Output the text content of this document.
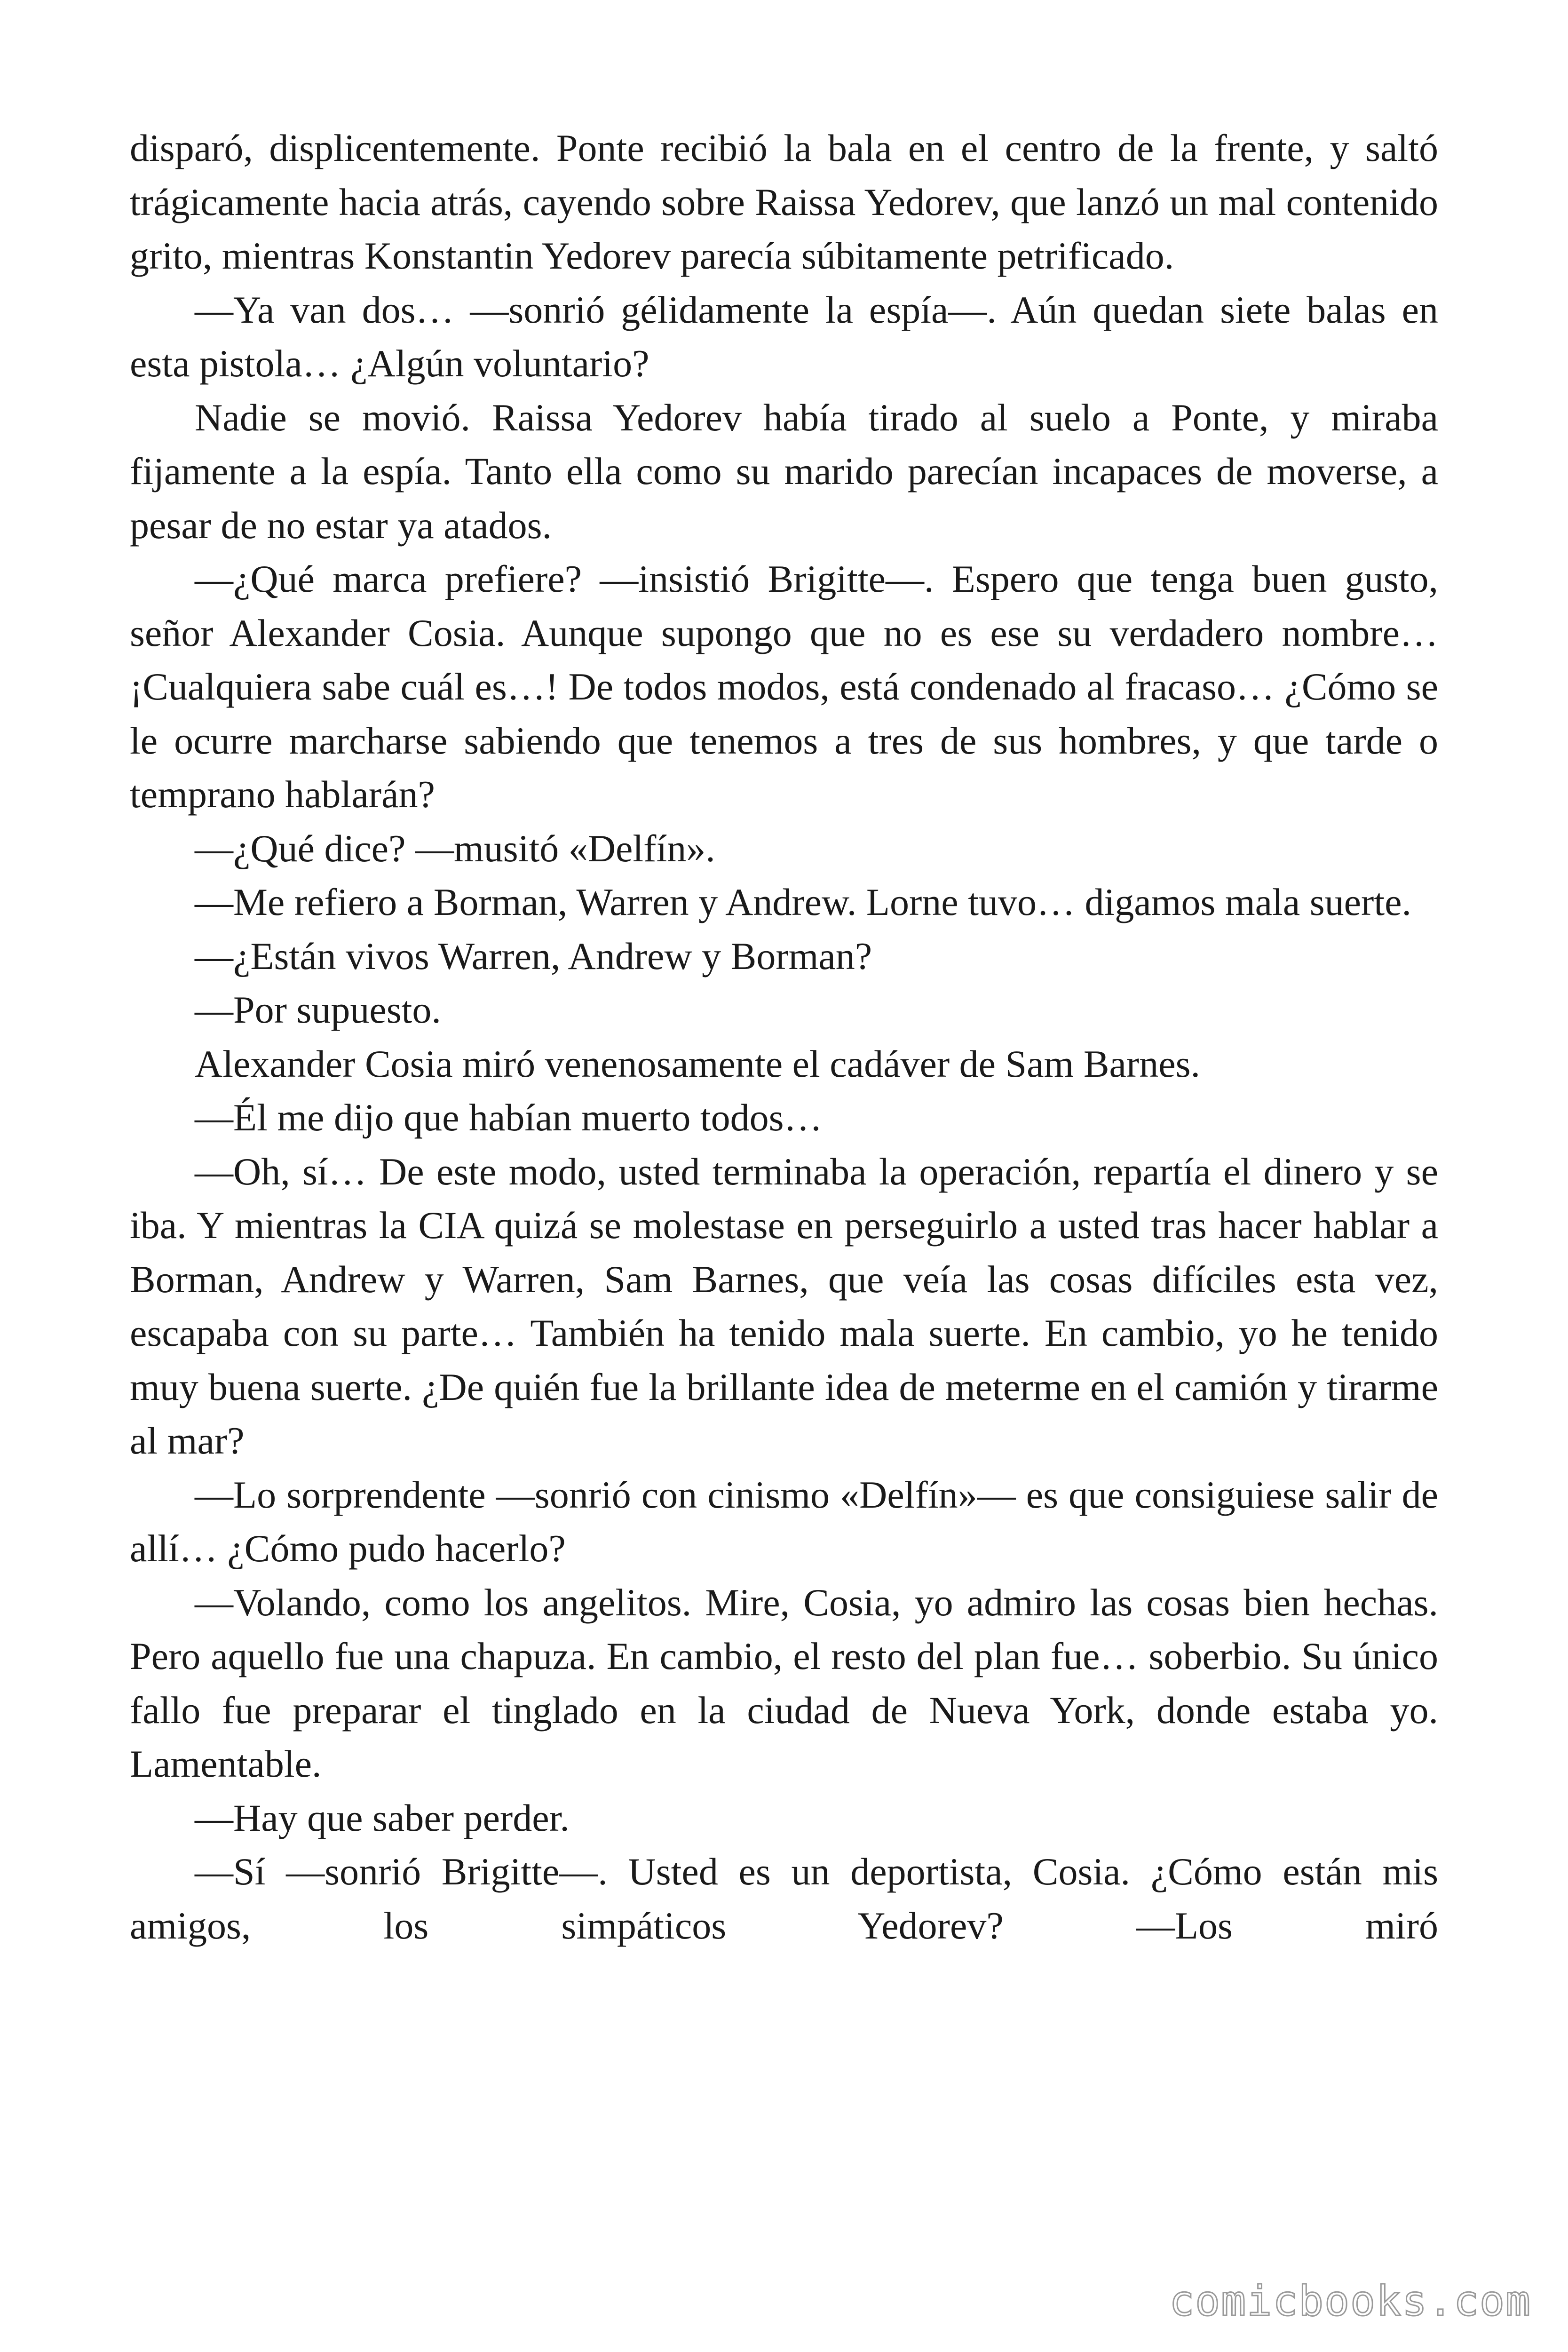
disparó, displicentemente. Ponte recibió la bala en el centro de la frente, y saltó trágicamente hacia atrás, cayendo sobre Raissa Yedorev, que lanzó un mal contenido grito, mientras Konstantin Yedorev parecía súbitamente petrificado.

—Ya van dos… —sonrió gélidamente la espía—. Aún quedan siete balas en esta pistola… ¿Algún voluntario?

Nadie se movió. Raissa Yedorev había tirado al suelo a Ponte, y miraba fijamente a la espía. Tanto ella como su marido parecían incapaces de moverse, a pesar de no estar ya atados.

—¿Qué marca prefiere? —insistió Brigitte—. Espero que tenga buen gusto, señor Alexander Cosia. Aunque supongo que no es ese su verdadero nombre… ¡Cualquiera sabe cuál es…! De todos modos, está condenado al fracaso… ¿Cómo se le ocurre marcharse sabiendo que tenemos a tres de sus hombres, y que tarde o temprano hablarán?

—¿Qué dice? —musitó «Delfín».

—Me refiero a Borman, Warren y Andrew. Lorne tuvo… digamos mala suerte.

—¿Están vivos Warren, Andrew y Borman?

—Por supuesto.

Alexander Cosia miró venenosamente el cadáver de Sam Barnes.

—Él me dijo que habían muerto todos…

—Oh, sí… De este modo, usted terminaba la operación, repartía el dinero y se iba. Y mientras la CIA quizá se molestase en perseguirlo a usted tras hacer hablar a Borman, Andrew y Warren, Sam Barnes, que veía las cosas difíciles esta vez, escapaba con su parte… También ha tenido mala suerte. En cambio, yo he tenido muy buena suerte. ¿De quién fue la brillante idea de meterme en el camión y tirarme al mar?

—Lo sorprendente —sonrió con cinismo «Delfín»— es que consiguiese salir de allí… ¿Cómo pudo hacerlo?

—Volando, como los angelitos. Mire, Cosia, yo admiro las cosas bien hechas. Pero aquello fue una chapuza. En cambio, el resto del plan fue… soberbio. Su único fallo fue preparar el tinglado en la ciudad de Nueva York, donde estaba yo. Lamentable.

—Hay que saber perder.

—Sí —sonrió Brigitte—. Usted es un deportista, Cosia. ¿Cómo están mis amigos, los simpáticos Yedorev? —Los miró

comicbooks.com
